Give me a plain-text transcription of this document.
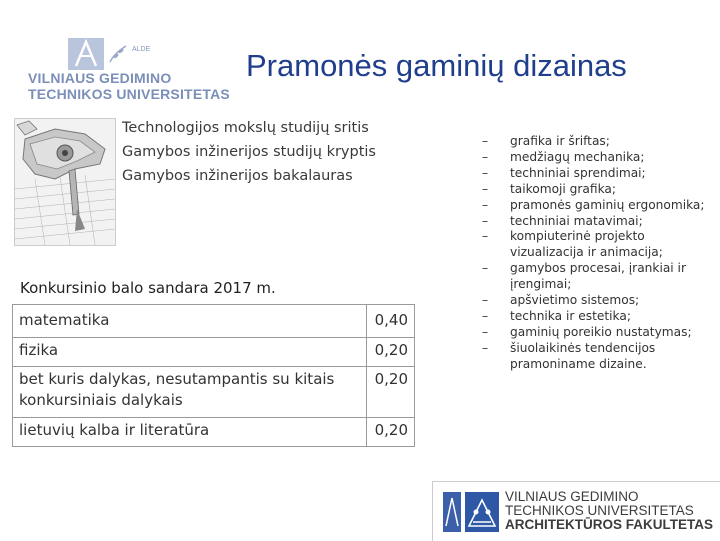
ALDE
VILNIAUS GEDIMINO
TECHNIKOS UNIVERSITETAS
Pramonės gaminių dizainas
Technologijos mokslų studijų sritis
Gamybos inžinerijos studijų kryptis
Gamybos inžinerijos bakalauras
Konkursinio balo sandara 2017 m.
matematika	0,40
fizika	0,20
bet kuris dalykas, nesutampantis su kitais konkursiniais dalykais	0,20
lietuvių kalba ir literatūra	0,20
–	grafika ir šriftas;
–	medžiagų mechanika;
–	techniniai sprendimai;
–	taikomoji grafika;
–	pramonės gaminių ergonomika;
–	techniniai matavimai;
–	kompiuterinė projekto vizualizacija ir animacija;
–	gamybos procesai, įrankiai ir įrengimai;
–	apšvietimo sistemos;
–	technika ir estetika;
–	gaminių poreikio nustatymas;
–	šiuolaikinės tendencijos pramoniname dizaine.
VILNIAUS GEDIMINO
TECHNIKOS UNIVERSITETAS
ARCHITEKTŪROS FAKULTETAS
